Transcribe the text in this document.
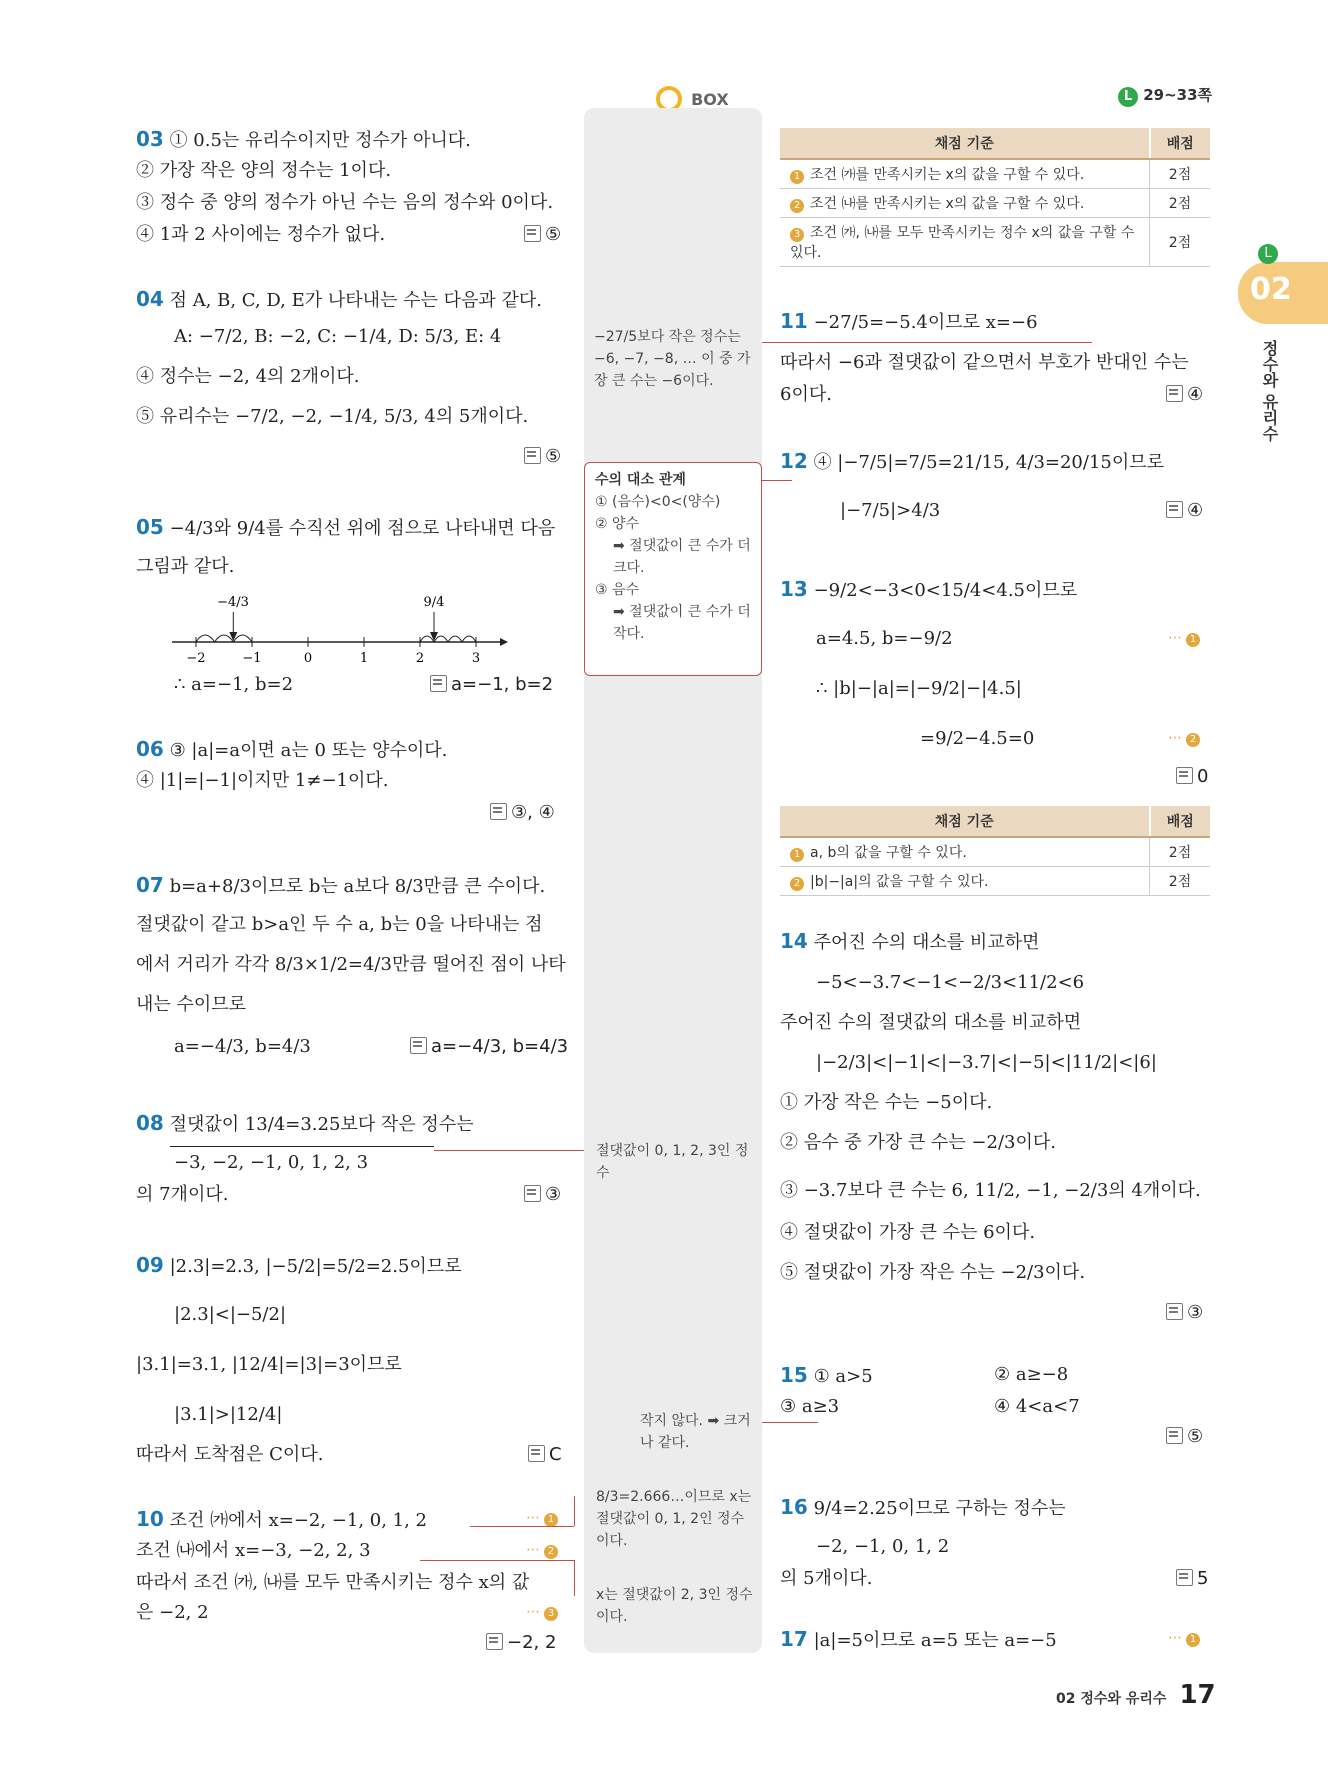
BOX	L 29~33쪽
L
02
정수와 유리수
03 ① 0.5는 유리수이지만 정수가 아니다.
② 가장 작은 양의 정수는 1이다.
③ 정수 중 양의 정수가 아닌 수는 음의 정수와 0이다.
④ 1과 2 사이에는 정수가 없다.	⑤
04 점 A, B, C, D, E가 나타내는 수는 다음과 같다.
A: −7/2, B: −2, C: −1/4, D: 5/3, E: 4
④ 정수는 −2, 4의 2개이다.
⑤ 유리수는 −7/2, −2, −1/4, 5/3, 4의 5개이다.
⑤
05 −4/3와 9/4를 수직선 위에 점으로 나타내면 다음
그림과 같다.
−2	−1	0	1	2	3
−4/3	9/4
∴ a=−1, b=2	a=−1, b=2
06 ③ |a|=a이면 a는 0 또는 양수이다.
④ |1|=|−1|이지만 1≠−1이다.
③, ④
07 b=a+8/3이므로 b는 a보다 8/3만큼 큰 수이다.
절댓값이 같고 b>a인 두 수 a, b는 0을 나타내는 점
에서 거리가 각각 8/3×1/2=4/3만큼 떨어진 점이 나타
내는 수이므로
a=−4/3, b=4/3	a=−4/3, b=4/3
08 절댓값이 13/4=3.25보다 작은 정수는
−3, −2, −1, 0, 1, 2, 3
의 7개이다.	③
09 |2.3|=2.3, |−5/2|=5/2=2.5이므로
|2.3|<|−5/2|
|3.1|=3.1, |12/4|=|3|=3이므로
|3.1|>|12/4|
따라서 도착점은 C이다.	C
10 조건 ㈎에서 x=−2, −1, 0, 1, 2	⋯ 1
조건 ㈏에서 x=−3, −2, 2, 3	⋯ 2
따라서 조건 ㈎, ㈏를 모두 만족시키는 정수 x의 값
은 −2, 2	⋯ 3
−2, 2
−27/5보다 작은 정수는 −6, −7, −8, … 이 중 가장 큰 수는 −6이다.
수의 대소 관계
① (음수)<0<(양수)
② 양수
➡ 절댓값이 큰 수가 더 크다.
③ 음수
➡ 절댓값이 큰 수가 더 작다.
절댓값이 0, 1, 2, 3인 정수
작지 않다. ➡ 크거나 같다.
8/3=2.666…이므로 x는 절댓값이 0, 1, 2인 정수이다.
x는 절댓값이 2, 3인 정수이다.
채점 기준	배점
1 조건 ㈎를 만족시키는 x의 값을 구할 수 있다.	2점
2 조건 ㈏를 만족시키는 x의 값을 구할 수 있다.	2점
3 조건 ㈎, ㈏를 모두 만족시키는 정수 x의 값을 구할 수 있다.	2점
11 −27/5=−5.4이므로 x=−6
따라서 −6과 절댓값이 같으면서 부호가 반대인 수는
6이다.	④
12 ④ |−7/5|=7/5=21/15, 4/3=20/15이므로
|−7/5|>4/3	④
13 −9/2<−3<0<15/4<4.5이므로
a=4.5, b=−9/2	⋯ 1
∴ |b|−|a|=|−9/2|−|4.5|
=9/2−4.5=0	⋯ 2
0
채점 기준	배점
1 a, b의 값을 구할 수 있다.	2점
2 |b|−|a|의 값을 구할 수 있다.	2점
14 주어진 수의 대소를 비교하면
−5<−3.7<−1<−2/3<11/2<6
주어진 수의 절댓값의 대소를 비교하면
|−2/3|<|−1|<|−3.7|<|−5|<|11/2|<|6|
① 가장 작은 수는 −5이다.
② 음수 중 가장 큰 수는 −2/3이다.
③ −3.7보다 큰 수는 6, 11/2, −1, −2/3의 4개이다.
④ 절댓값이 가장 큰 수는 6이다.
⑤ 절댓값이 가장 작은 수는 −2/3이다.
③
15 ① a>5	② a≥−8
③ a≥3	④ 4<a<7
⑤
16 9/4=2.25이므로 구하는 정수는
−2, −1, 0, 1, 2
의 5개이다.	5
17 |a|=5이므로 a=5 또는 a=−5	⋯ 1
02 정수와 유리수 17
